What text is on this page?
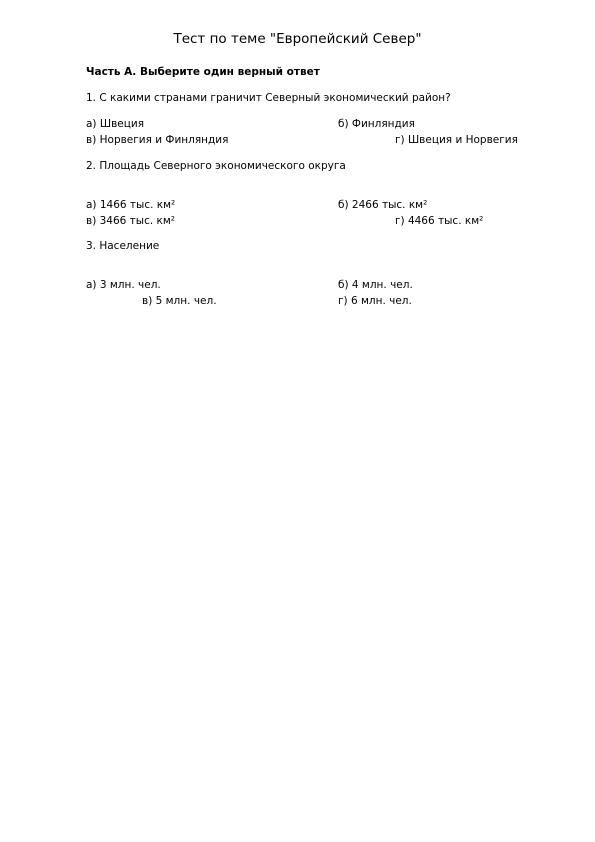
Тест по теме "Европейский Север"
Часть А. Выберите один верный ответ
1. С какими странами граничит Северный экономический район?
а) Швеция	б) Финляндия
в) Норвегия и Финляндия	г) Швеция и Норвегия
2. Площадь Северного экономического округа
а) 1466 тыс. км²	б) 2466 тыс. км²
в) 3466 тыс. км²	г) 4466 тыс. км²
3. Население
а) 3 млн. чел.	б) 4 млн. чел.
в) 5 млн. чел.	г) 6 млн. чел.
